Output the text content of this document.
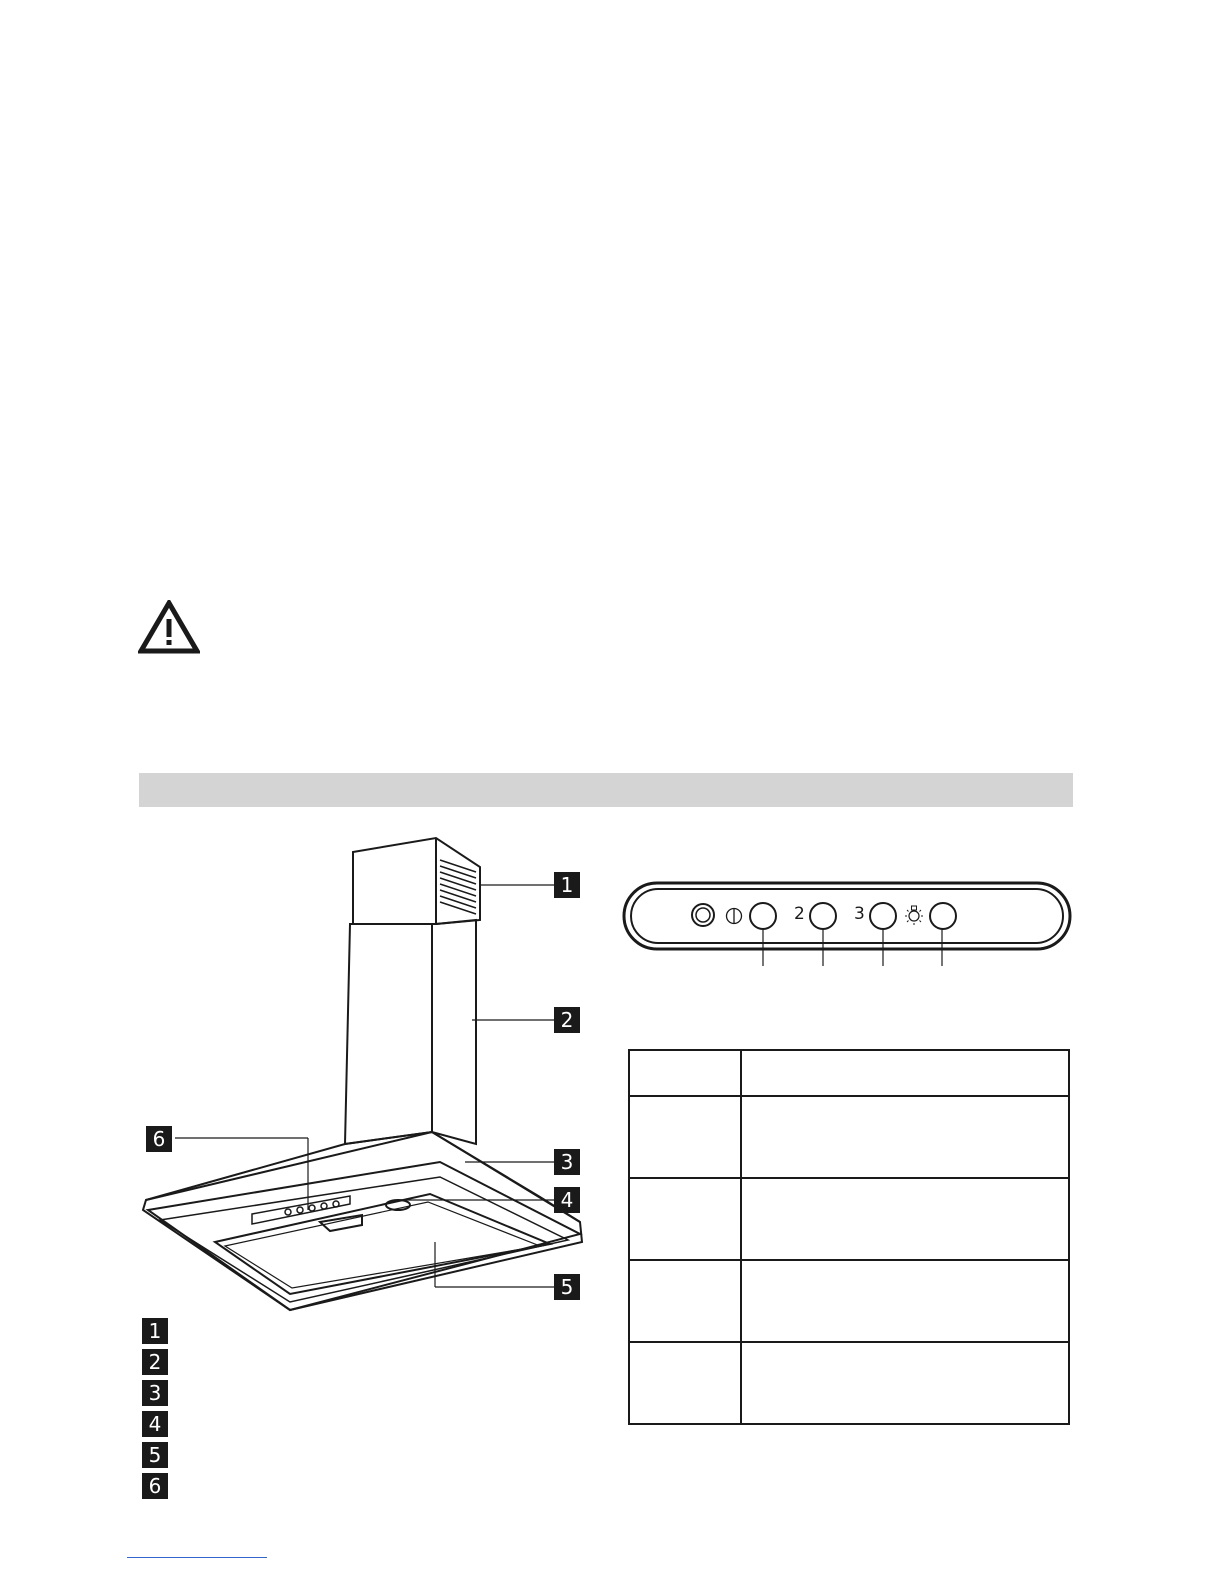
1
2
3
4
5
6
2	3
1
2
3
4
5
6
